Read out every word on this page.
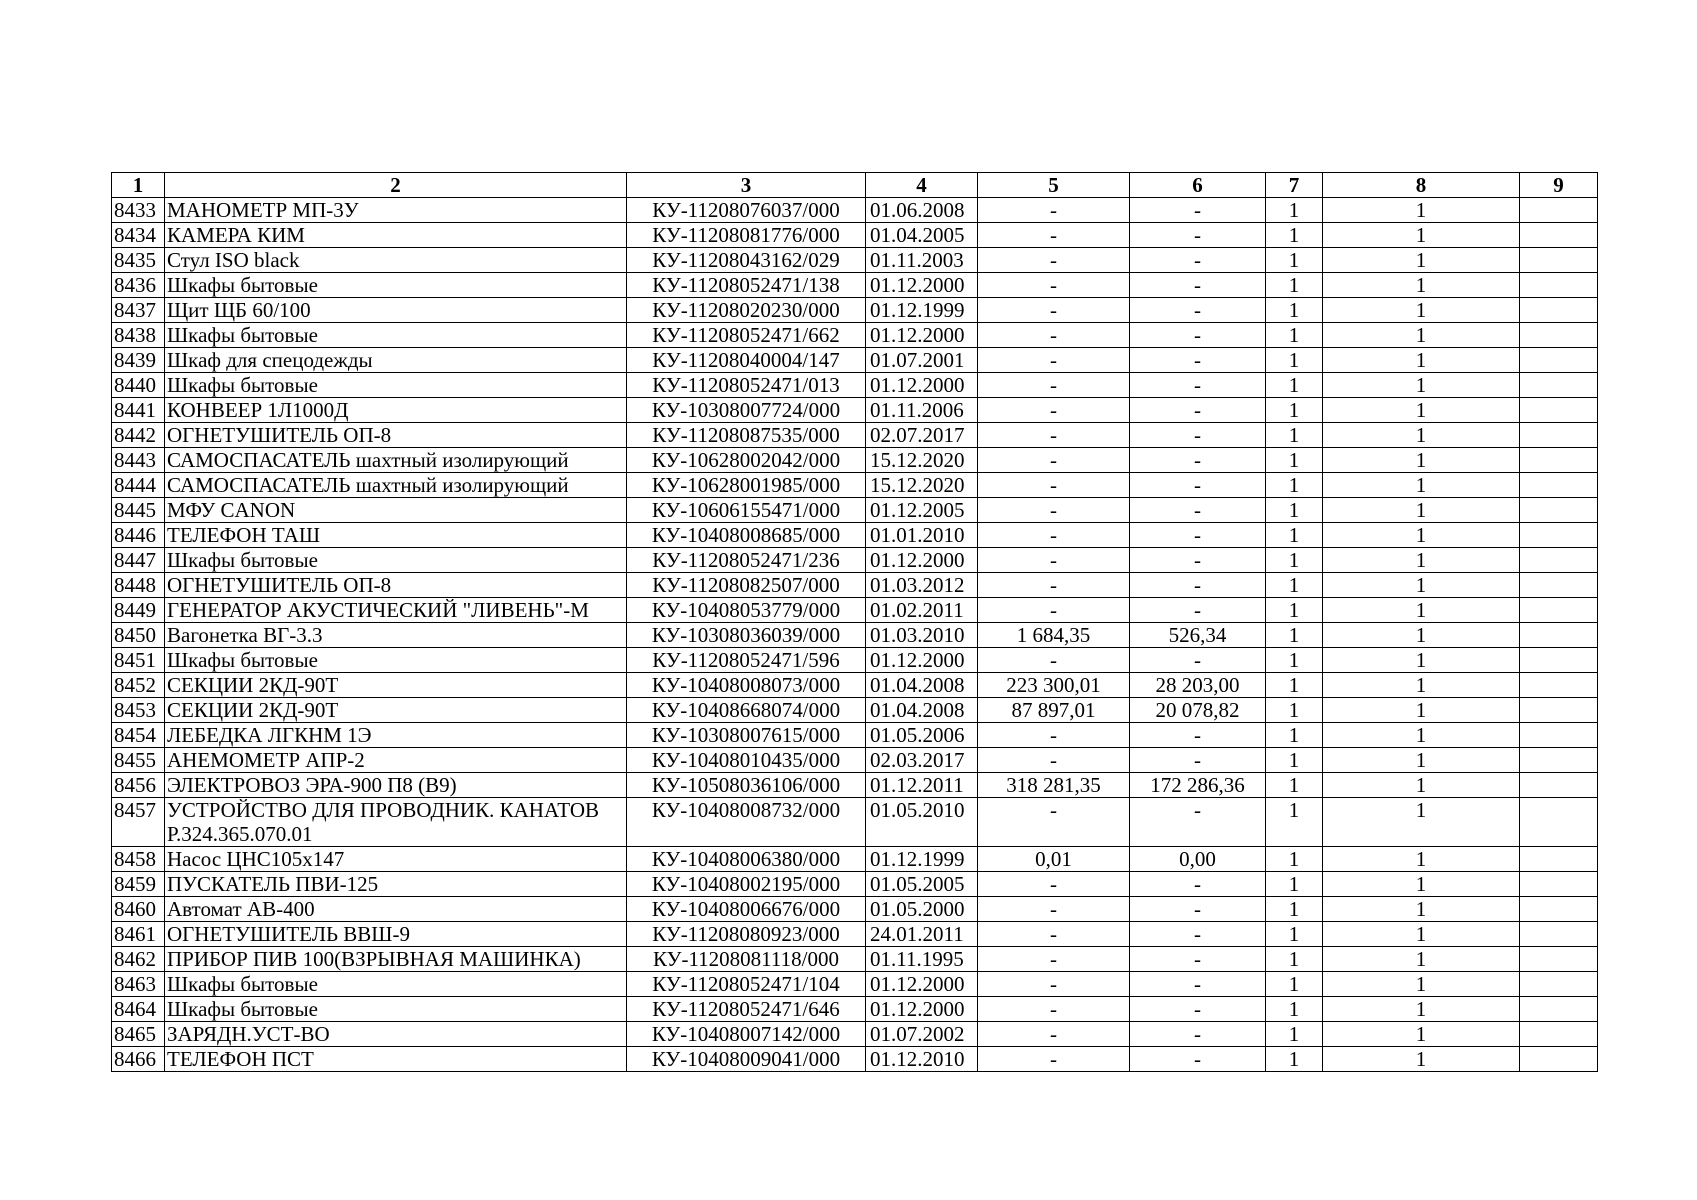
1	2	3	4	5	6	7	8	9
8433	МАНОМЕТР МП-3У	КУ-11208076037/000	01.06.2008	-	-	1	1	
8434	КАМЕРА КИМ	КУ-11208081776/000	01.04.2005	-	-	1	1	
8435	Стул ISO black	КУ-11208043162/029	01.11.2003	-	-	1	1	
8436	Шкафы бытовые	КУ-11208052471/138	01.12.2000	-	-	1	1	
8437	Щит ЩБ 60/100	КУ-11208020230/000	01.12.1999	-	-	1	1	
8438	Шкафы бытовые	КУ-11208052471/662	01.12.2000	-	-	1	1	
8439	Шкаф для спецодежды	КУ-11208040004/147	01.07.2001	-	-	1	1	
8440	Шкафы бытовые	КУ-11208052471/013	01.12.2000	-	-	1	1	
8441	КОНВЕЕР 1Л1000Д	КУ-10308007724/000	01.11.2006	-	-	1	1	
8442	ОГНЕТУШИТЕЛЬ ОП-8	КУ-11208087535/000	02.07.2017	-	-	1	1	
8443	САМОСПАСАТЕЛЬ шахтный изолирующий	КУ-10628002042/000	15.12.2020	-	-	1	1	
8444	САМОСПАСАТЕЛЬ шахтный изолирующий	КУ-10628001985/000	15.12.2020	-	-	1	1	
8445	МФУ CANON	КУ-10606155471/000	01.12.2005	-	-	1	1	
8446	ТЕЛЕФОН ТАШ	КУ-10408008685/000	01.01.2010	-	-	1	1	
8447	Шкафы бытовые	КУ-11208052471/236	01.12.2000	-	-	1	1	
8448	ОГНЕТУШИТЕЛЬ ОП-8	КУ-11208082507/000	01.03.2012	-	-	1	1	
8449	ГЕНЕРАТОР АКУСТИЧЕСКИЙ "ЛИВЕНЬ"-М	КУ-10408053779/000	01.02.2011	-	-	1	1	
8450	Вагонетка ВГ-3.3	КУ-10308036039/000	01.03.2010	1 684,35	526,34	1	1	
8451	Шкафы бытовые	КУ-11208052471/596	01.12.2000	-	-	1	1	
8452	СЕКЦИИ 2КД-90Т	КУ-10408008073/000	01.04.2008	223 300,01	28 203,00	1	1	
8453	СЕКЦИИ 2КД-90Т	КУ-10408668074/000	01.04.2008	87 897,01	20 078,82	1	1	
8454	ЛЕБЕДКА ЛГКНМ 1Э	КУ-10308007615/000	01.05.2006	-	-	1	1	
8455	АНЕМОМЕТР АПР-2	КУ-10408010435/000	02.03.2017	-	-	1	1	
8456	ЭЛЕКТРОВОЗ ЭРА-900 П8 (В9)	КУ-10508036106/000	01.12.2011	318 281,35	172 286,36	1	1	
8457	УСТРОЙСТВО ДЛЯ ПРОВОДНИК. КАНАТОВ Р.324.365.070.01	КУ-10408008732/000	01.05.2010	-	-	1	1	
8458	Насос ЦНС105х147	КУ-10408006380/000	01.12.1999	0,01	0,00	1	1	
8459	ПУСКАТЕЛЬ ПВИ-125	КУ-10408002195/000	01.05.2005	-	-	1	1	
8460	Автомат АВ-400	КУ-10408006676/000	01.05.2000	-	-	1	1	
8461	ОГНЕТУШИТЕЛЬ ВВШ-9	КУ-11208080923/000	24.01.2011	-	-	1	1	
8462	ПРИБОР ПИВ 100(ВЗРЫВНАЯ МАШИНКА)	КУ-11208081118/000	01.11.1995	-	-	1	1	
8463	Шкафы бытовые	КУ-11208052471/104	01.12.2000	-	-	1	1	
8464	Шкафы бытовые	КУ-11208052471/646	01.12.2000	-	-	1	1	
8465	ЗАРЯДН.УСТ-ВО	КУ-10408007142/000	01.07.2002	-	-	1	1	
8466	ТЕЛЕФОН ПСТ	КУ-10408009041/000	01.12.2010	-	-	1	1	
